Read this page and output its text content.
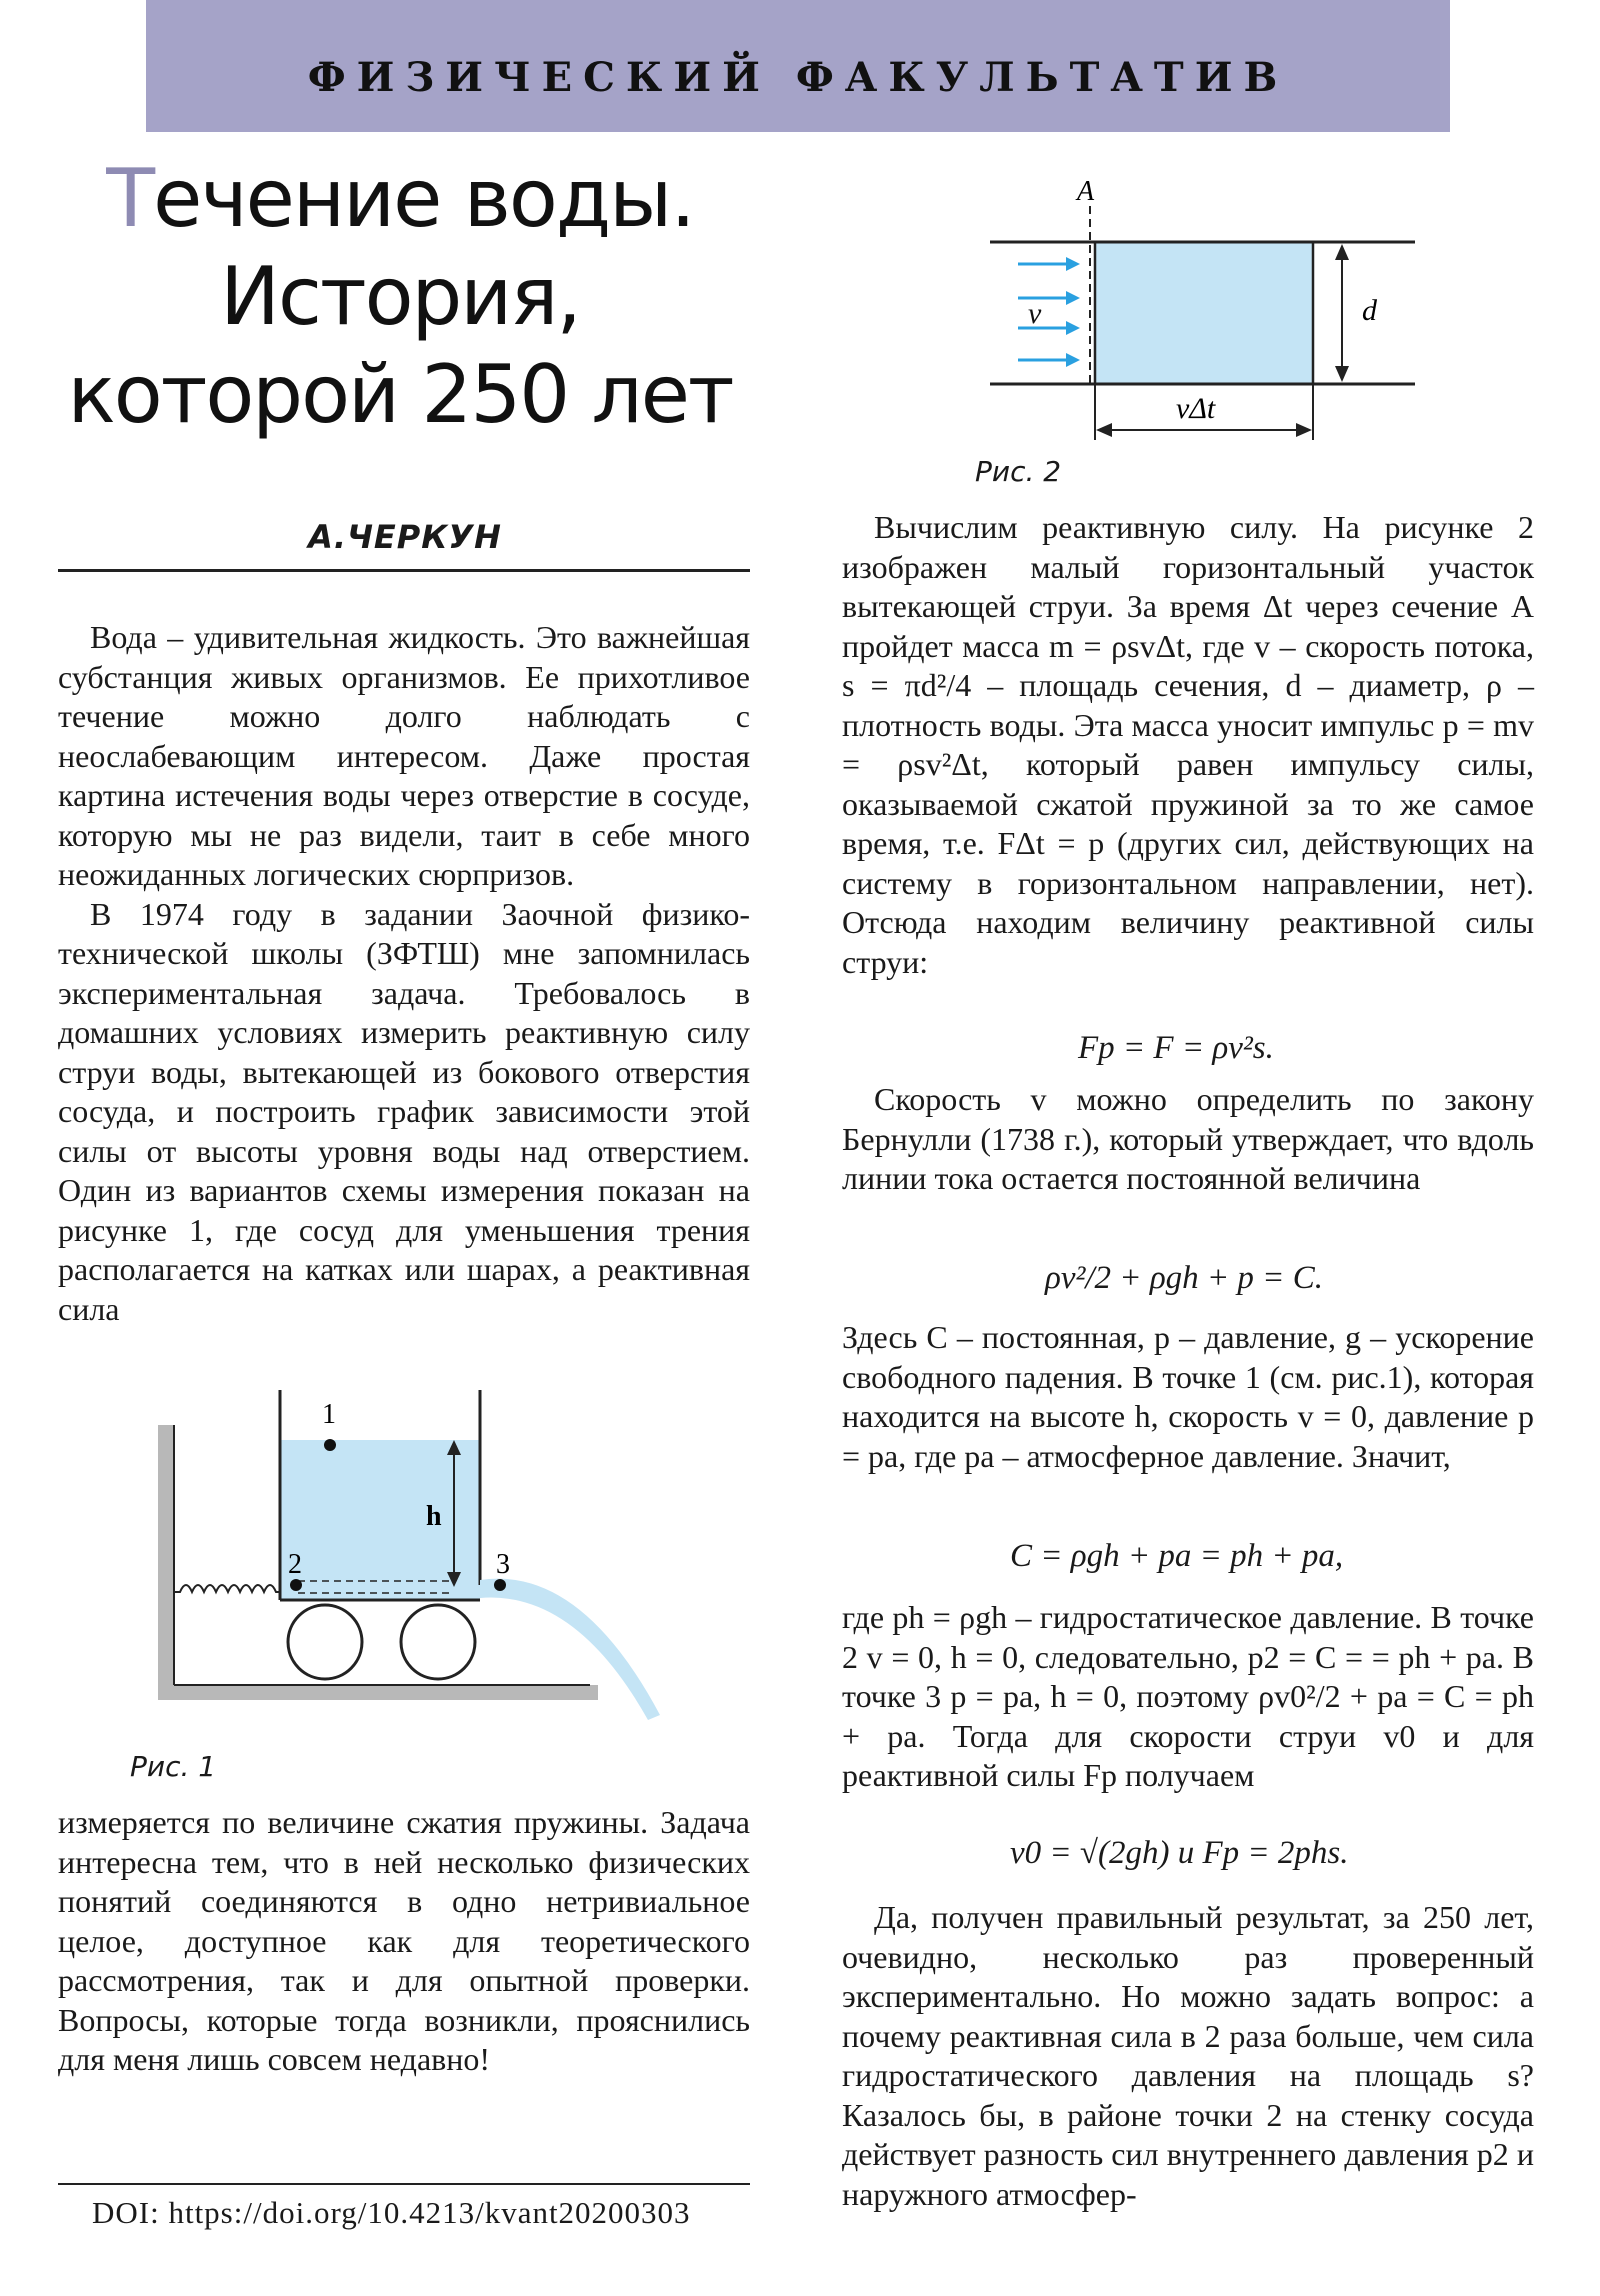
ФИЗИЧЕСКИЙ ФАКУЛЬТАТИВ
Течение воды.
История,
которой 250 лет
А.ЧЕРКУН

Вода – удивительная жидкость. Это важнейшая субстанция живых организмов. Ее прихотливое течение можно долго наблюдать с неослабевающим интересом. Даже простая картина истечения воды через отверстие в сосуде, которую мы не раз видели, таит в себе много неожиданных логических сюрпризов.

В 1974 году в задании Заочной физико-технической школы (ЗФТШ) мне запомнилась экспериментальная задача. Требовалось в домашних условиях измерить реактивную силу струи воды, вытекающей из бокового отверстия сосуда, и построить график зависимости этой силы от высоты уровня воды над отверстием. Один из вариантов схемы измерения показан на рисунке 1, где сосуд для уменьшения трения располагается на катках или шарах, а реактивная сила

h
1
2	3
Рис. 1

измеряется по величине сжатия пружины. Задача интересна тем, что в ней несколько физических понятий соединяются в одно нетривиальное целое, доступное как для теоретического рассмотрения, так и для опытной проверки. Вопросы, которые тогда возникли, прояснились для меня лишь совсем недавно!

DOI: https://doi.org/10.4213/kvant20200303
A
v	d
vΔt
Рис. 2

Вычислим реактивную силу. На рисунке 2 изображен малый горизонтальный участок вытекающей струи. За время Δt через сечение A пройдет масса m = ρsvΔt, где v – скорость потока, s = πd²/4 – площадь сечения, d – диаметр, ρ – плотность воды. Эта масса уносит импульс p = mv = ρsv²Δt, который равен импульсу силы, оказываемой сжатой пружиной за то же самое время, т.е. FΔt = p (других сил, действующих на систему в горизонтальном направлении, нет). Отсюда находим величину реактивной силы струи:

Fр = F = ρv²s.

Скорость v можно определить по закону Бернулли (1738 г.), который утверждает, что вдоль линии тока остается постоянной величина

ρv²/2 + ρgh + p = C.

Здесь C – постоянная, p – давление, g – ускорение свободного падения. В точке 1 (см. рис.1), которая находится на высоте h, скорость v = 0, давление p = pа, где pа – атмосферное давление. Значит,

C = ρgh + pа = ph + pа,

где ph = ρgh – гидростатическое давление. В точке 2 v = 0, h = 0, следовательно, p2 = C = = ph + pа. В точке 3 p = pа, h = 0, поэтому ρv0²/2 + pа = C = ph + pа. Тогда для скорости струи v0 и для реактивной силы Fр получаем

v0 = √(2gh) и Fр = 2phs.

Да, получен правильный результат, за 250 лет, очевидно, несколько раз проверенный экспериментально. Но можно задать вопрос: а почему реактивная сила в 2 раза больше, чем сила гидростатического давления на площадь s? Казалось бы, в районе точки 2 на стенку сосуда действует разность сил внутреннего давления p2 и наружного атмосфер-
